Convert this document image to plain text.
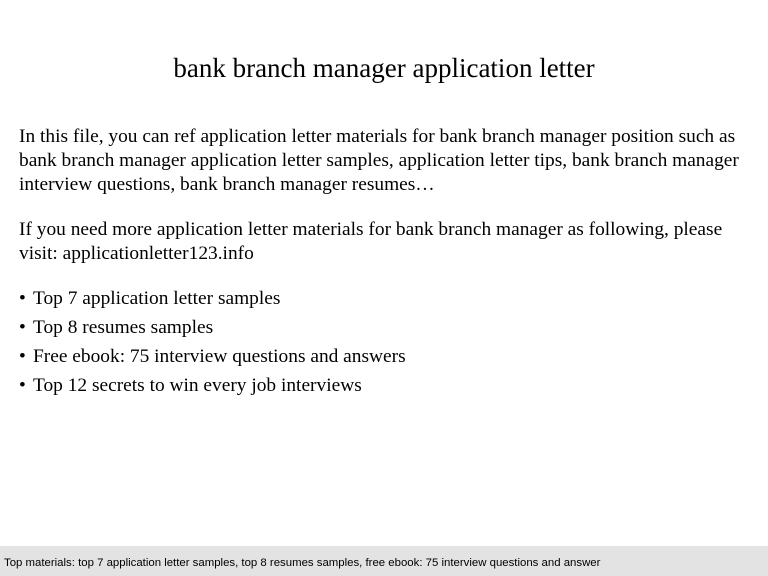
bank branch manager application letter

In this file, you can ref application letter materials for bank branch manager position such as bank branch manager application letter samples, application letter tips, bank branch manager interview questions, bank branch manager resumes…

If you need more application letter materials for bank branch manager as following, please visit: applicationletter123.info

• Top 7 application letter samples
• Top 8 resumes samples
• Free ebook: 75 interview questions and answers
• Top 12 secrets to win every job interviews
Top materials: top 7 application letter samples, top 8 resumes samples, free ebook: 75 interview questions and answer
